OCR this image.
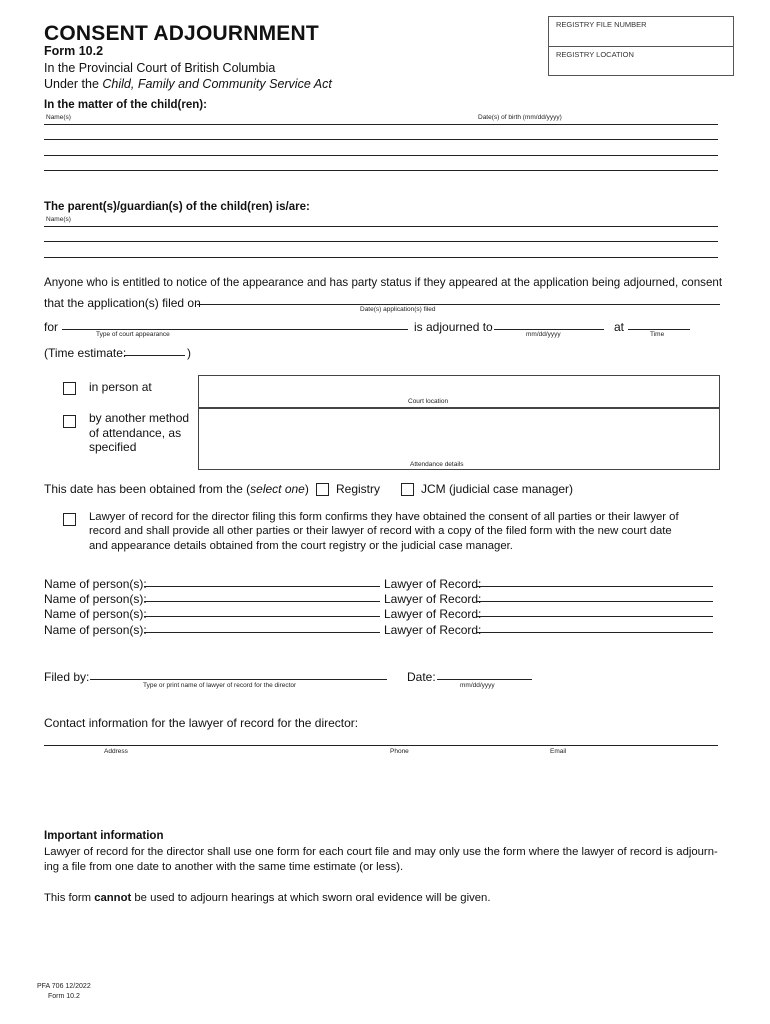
CONSENT ADJOURNMENT
Form 10.2
In the Provincial Court of British Columbia
Under the Child, Family and Community Service Act
REGISTRY FILE NUMBER
REGISTRY LOCATION
In the matter of the child(ren):
Name(s)	Date(s) of birth (mm/dd/yyyy)
The parent(s)/guardian(s) of the child(ren) is/are:
Name(s)
Anyone who is entitled to notice of the appearance and has party status if they appeared at the application being adjourned, consent
that the application(s) filed on	Date(s) application(s) filed
for
Type of court appearance
is adjourned to
mm/dd/yyyy
at
Time
(Time estimate:	)
in person at
Court location
by another method
of attendance, as
specified
Attendance details
This date has been obtained from the (select one) Registry	JCM (judicial case manager)
Lawyer of record for the director filing this form confirms they have obtained the consent of all parties or their lawyer of
record and shall provide all other parties or their lawyer of record with a copy of the filed form with the new court date
and appearance details obtained from the court registry or the judicial case manager.
Name of person(s):	Lawyer of Record:
Name of person(s):	Lawyer of Record:
Name of person(s):	Lawyer of Record:
Name of person(s):	Lawyer of Record:
Filed by:
Type or print name of lawyer of record for the director
Date:
mm/dd/yyyy
Contact information for the lawyer of record for the director:
Address	Phone	Email
Important information
Lawyer of record for the director shall use one form for each court file and may only use the form where the lawyer of record is adjourn-
ing a file from one date to another with the same time estimate (or less).
This form cannot be used to adjourn hearings at which sworn oral evidence will be given.
PFA 706 12/2022
Form 10.2
